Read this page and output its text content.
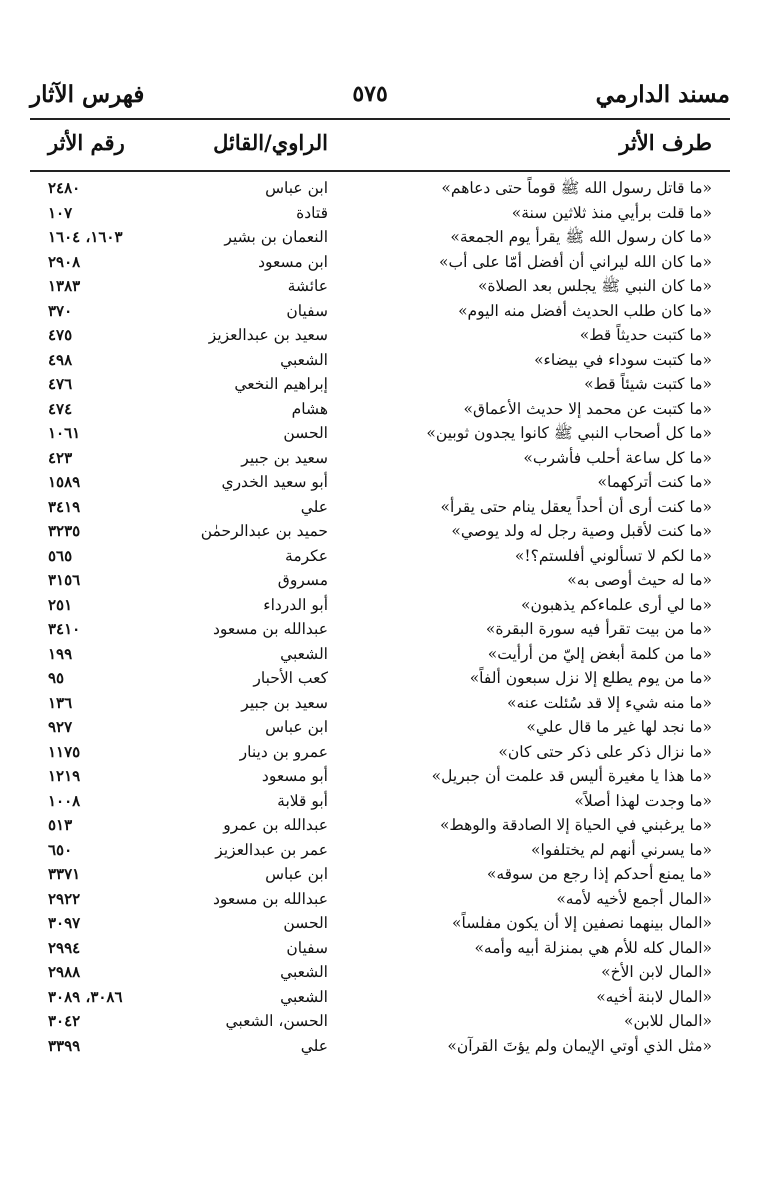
مسند الدارمي
٥٧٥
فهرس الآثار
طرف الأثر
الراوي/القائل
رقم الأثر
«ما قاتل رسول الله ﷺ قوماً حتى دعاهم»
ابن عباس
٢٤٨٠
«ما قلت برأيي منذ ثلاثين سنة»
قتادة
١٠٧
«ما كان رسول الله ﷺ يقرأ يوم الجمعة»
النعمان بن بشير
١٦٠٣، ١٦٠٤
«ما كان الله ليراني أن أفضل أمّا على أب»
ابن مسعود
٢٩٠٨
«ما كان النبي ﷺ يجلس بعد الصلاة»
عائشة
١٣٨٣
«ما كان طلب الحديث أفضل منه اليوم»
سفيان
٣٧٠
«ما كتبت حديثاً قط»
سعيد بن عبدالعزيز
٤٧٥
«ما كتبت سوداء في بيضاء»
الشعبي
٤٩٨
«ما كتبت شيئاً قط»
إبراهيم النخعي
٤٧٦
«ما كتبت عن محمد إلا حديث الأعماق»
هشام
٤٧٤
«ما كل أصحاب النبي ﷺ كانوا يجدون ثوبين»
الحسن
١٠٦١
«ما كل ساعة أحلب فأشرب»
سعيد بن جبير
٤٢٣
«ما كنت أتركهما»
أبو سعيد الخدري
١٥٨٩
«ما كنت أرى أن أحداً يعقل ينام حتى يقرأ»
علي
٣٤١٩
«ما كنت لأقبل وصية رجل له ولد يوصي»
حميد بن عبدالرحمٰن
٣٢٣٥
«ما لكم لا تسألوني أفلستم؟!»
عكرمة
٥٦٥
«ما له حيث أوصى به»
مسروق
٣١٥٦
«ما لي أرى علماءكم يذهبون»
أبو الدرداء
٢٥١
«ما من بيت تقرأ فيه سورة البقرة»
عبدالله بن مسعود
٣٤١٠
«ما من كلمة أبغض إليّ من أرأيت»
الشعبي
١٩٩
«ما من يوم يطلع إلا نزل سبعون ألفاً»
كعب الأحبار
٩٥
«ما منه شيء إلا قد سُئلت عنه»
سعيد بن جبير
١٣٦
«ما نجد لها غير ما قال علي»
ابن عباس
٩٢٧
«ما نزال ذكر على ذكر حتى كان»
عمرو بن دينار
١١٧٥
«ما هذا يا مغيرة أليس قد علمت أن جبريل»
أبو مسعود
١٢١٩
«ما وجدت لهذا أصلاً»
أبو قلابة
١٠٠٨
«ما يرغبني في الحياة إلا الصادقة والوهط»
عبدالله بن عمرو
٥١٣
«ما يسرني أنهم لم يختلفوا»
عمر بن عبدالعزيز
٦٥٠
«ما يمنع أحدكم إذا رجع من سوقه»
ابن عباس
٣٣٧١
«المال أجمع لأخيه لأمه»
عبدالله بن مسعود
٢٩٢٢
«المال بينهما نصفين إلا أن يكون مفلساً»
الحسن
٣٠٩٧
«المال كله للأم هي بمنزلة أبيه وأمه»
سفيان
٢٩٩٤
«المال لابن الأخ»
الشعبي
٢٩٨٨
«المال لابنة أخيه»
الشعبي
٣٠٨٦، ٣٠٨٩
«المال للابن»
الحسن، الشعبي
٣٠٤٢
«مثل الذي أوتي الإيمان ولم يؤتَ القرآن»
علي
٣٣٩٩
